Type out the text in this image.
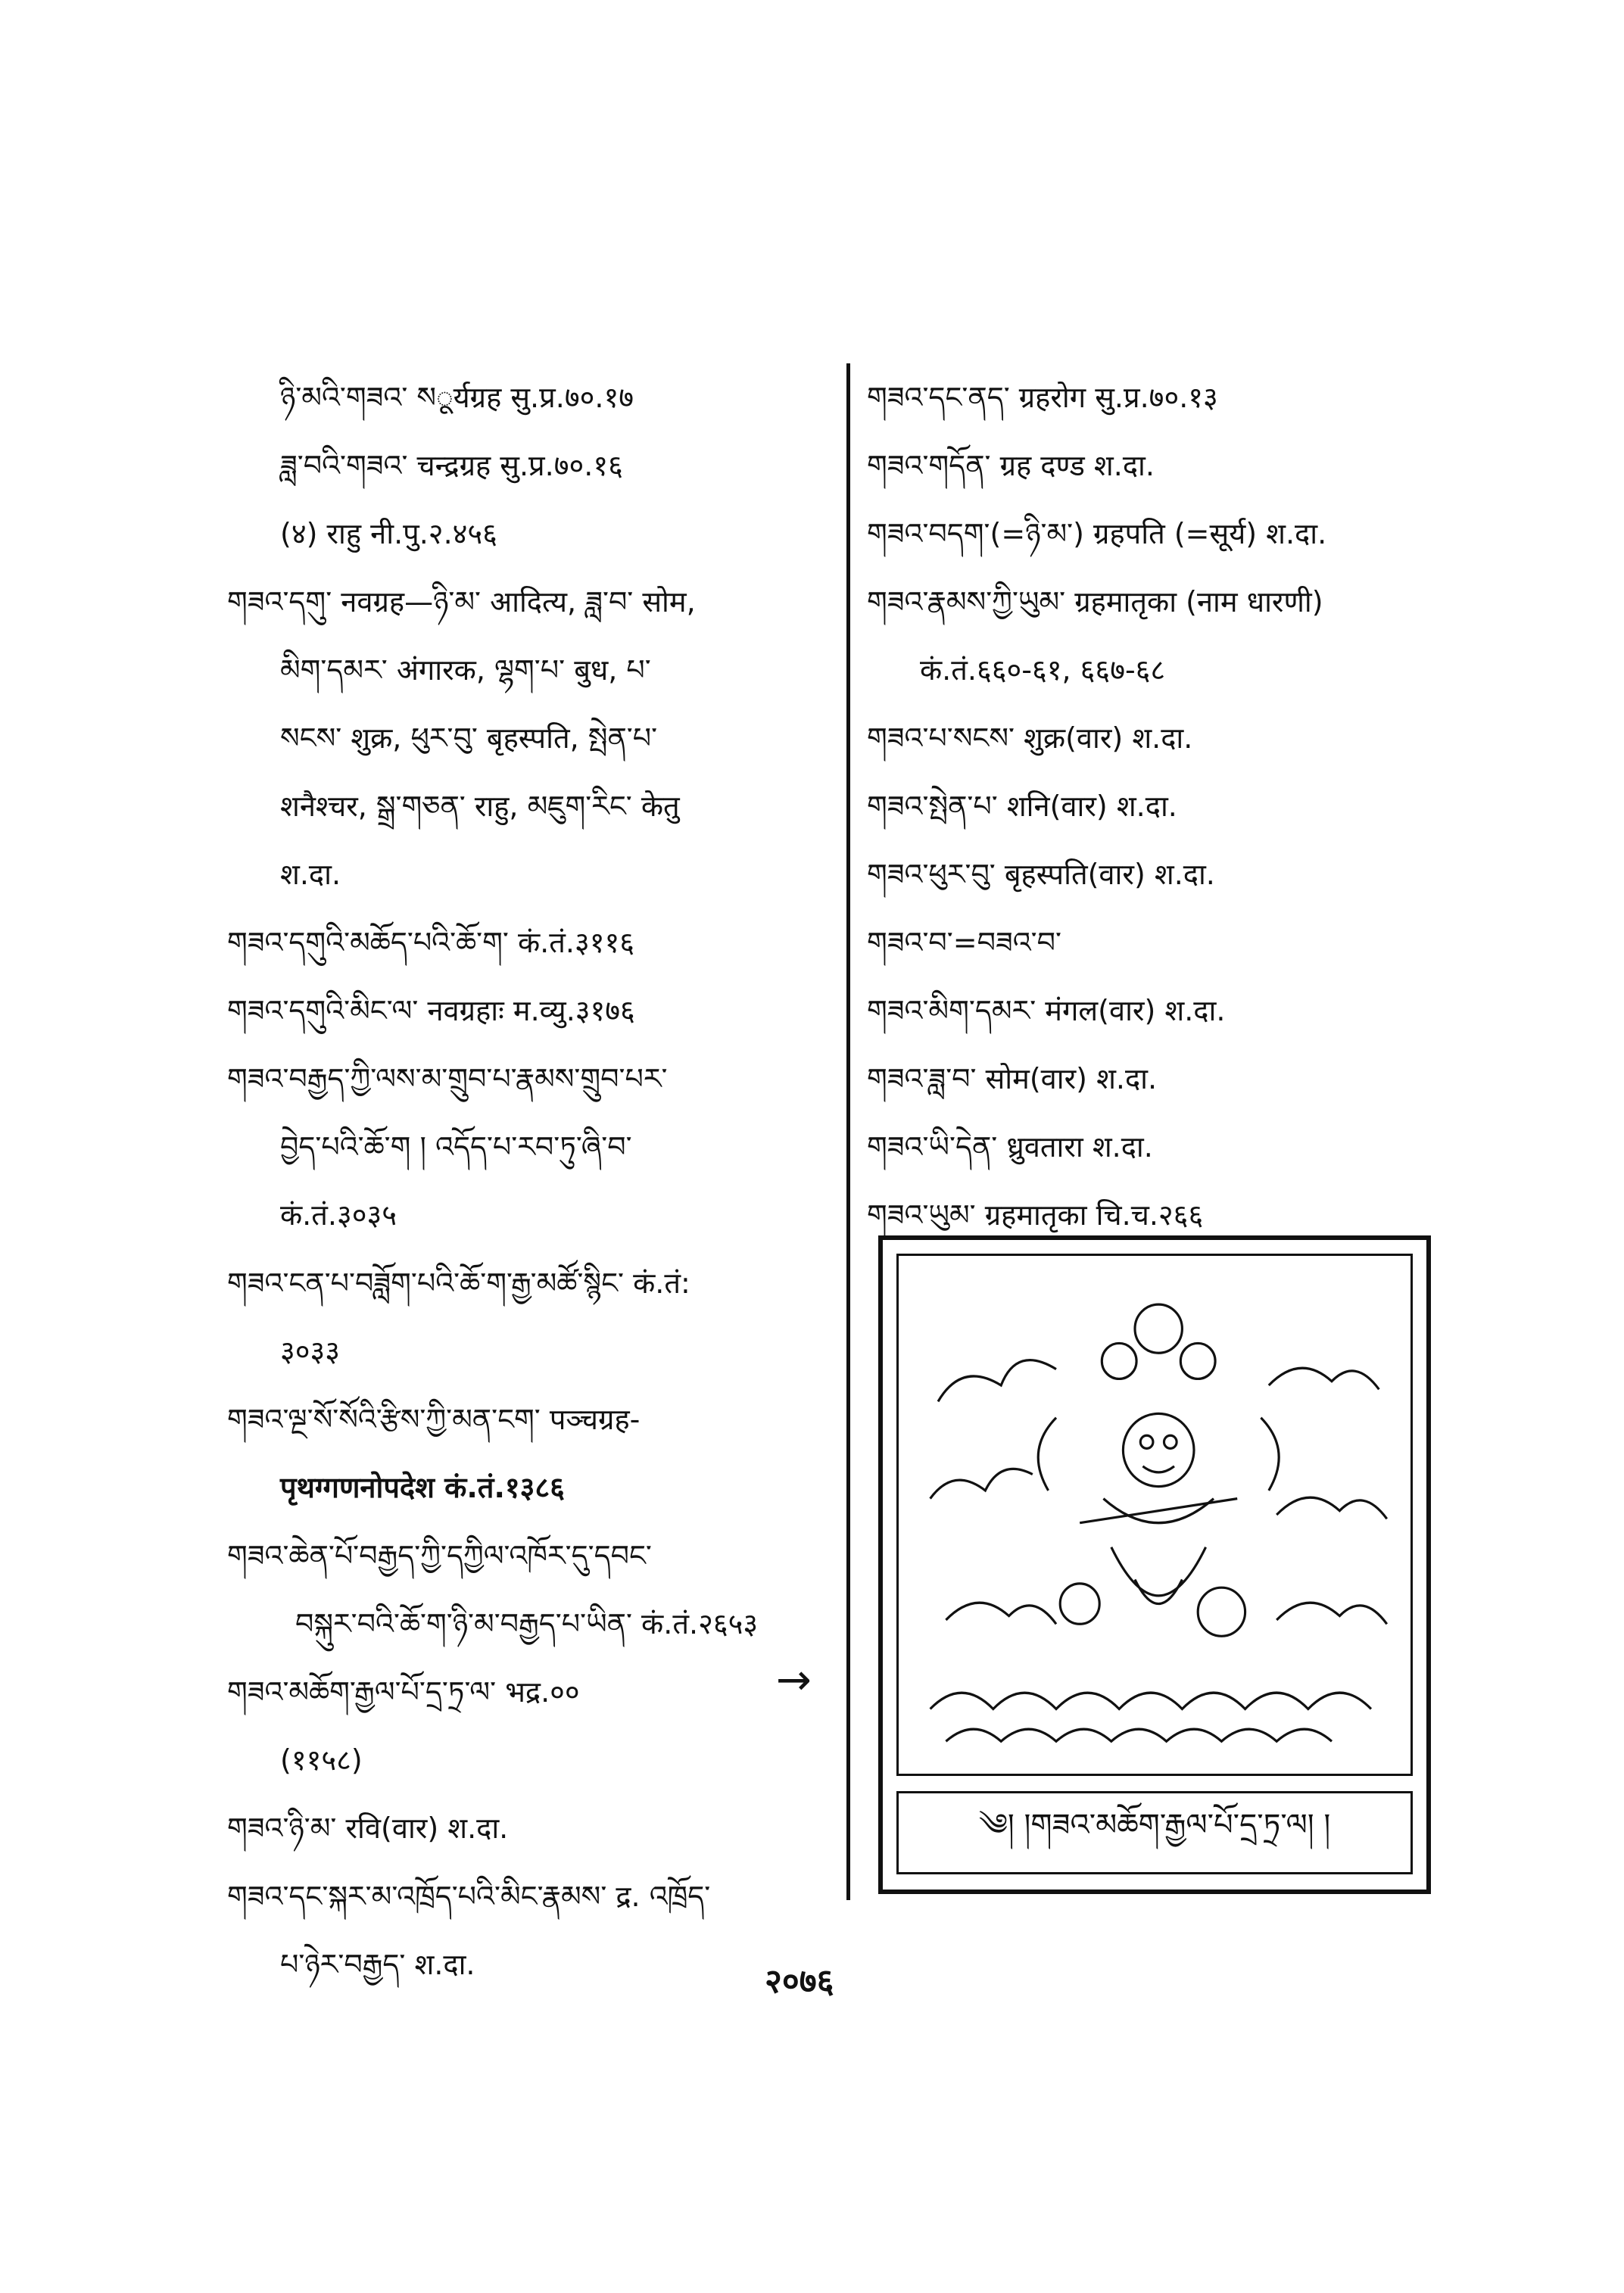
ཉི་མའི་གཟའ་ སूर्यग्रह सु.प्र.७०.१७
ཟླ་བའི་གཟའ་ चन्द्रग्रह सु.प्र.७०.१६
(४) राहु नी.पु.२.४५६
གཟའ་དགུ་ नवग्रह—ཉི་མ་ आदित्य, ཟླ་བ་ सोम,
མིག་དམར་ अंगारक, ལྷག་པ་ बुध, པ་
སངས་ शुक्र, ཕུར་བུ་ बृहस्पति, སྤེན་པ་
शनैश्चर, སྒྲ་གཅན་ राहु, མཇུག་རིང་ केतु
श.दा.
གཟའ་དགུའི་མཆོད་པའི་ཆོ་ག་ कं.तं.३११६
གཟའ་དགུའི་མིང་ལ་ नवग्रहाः म.व्यु.३१७६
གཟའ་བརྒྱད་ཀྱི་ལས་མ་གྲུབ་པ་རྣམས་གྲུབ་པར་
བྱེད་པའི་ཆོ་ག ། འདོད་པ་རབ་ཏུ་ཞི་བ་
कं.तं.३०३५
གཟའ་ངན་པ་བཟློག་པའི་ཆོ་ག་རྒྱ་མཚོ་སྙིང་ कं.तं:
३०३३
གཟའ་ལྔ་སོ་སོའི་རྩིས་ཀྱི་མན་ངག་ पञ्चग्रह-
पृथग्गणनोपदेश कं.तं.१३८६
གཟའ་ཆེན་པོ་བརྒྱད་ཀྱི་དཀྱིལ་འཁོར་དུ་དབང་
བསྐུར་བའི་ཆོ་ག་ཉི་མ་བརྒྱད་པ་ཡིན་ कं.तं.२६५३
གཟའ་མཆོག་རྒྱལ་པོ་དྲ་ཏྲ་ལ་ भद्र.००
(११५८)
གཟའ་ཉི་མ་ रवि(वार) श.दा.
གཟའ་དང་སྐར་མ་འཁྲོད་པའི་མིང་རྣམས་ द्र. འཁྲོད་
པ་ཉེར་བརྒྱད་ श.दा.
→
གཟའ་དང་ནད་ ग्रहरोग सु.प्र.७०.१३
གཟའ་གདོན་ ग्रह दण्ड श.दा.
གཟའ་བདག་(=ཉི་མ་) ग्रहपति (=सूर्य) श.दा.
གཟའ་རྣམས་ཀྱི་ཡུམ་ ग्रहमातृका (नाम धारणी)
कं.तं.६६०-६१, ६६७-६८
གཟའ་པ་སངས་ शुक्र(वार) श.दा.
གཟའ་སྤེན་པ་ शनि(वार) श.दा.
གཟའ་ཕུར་བུ་ बृहस्पति(वार) श.दा.
གཟའ་བ་=བཟའ་བ་
གཟའ་མིག་དམར་ मंगल(वार) श.दा.
གཟའ་ཟླ་བ་ सोम(वार) श.दा.
གཟའ་ཡི་དེན་ ध्रुवतारा श.दा.
གཟའ་ཡུམ་ ग्रहमातृका चि.च.२६६
༄། །གཟའ་མཆོག་རྒྱལ་པོ་དྲ་ཏྲ་ལ། །
२०७६
